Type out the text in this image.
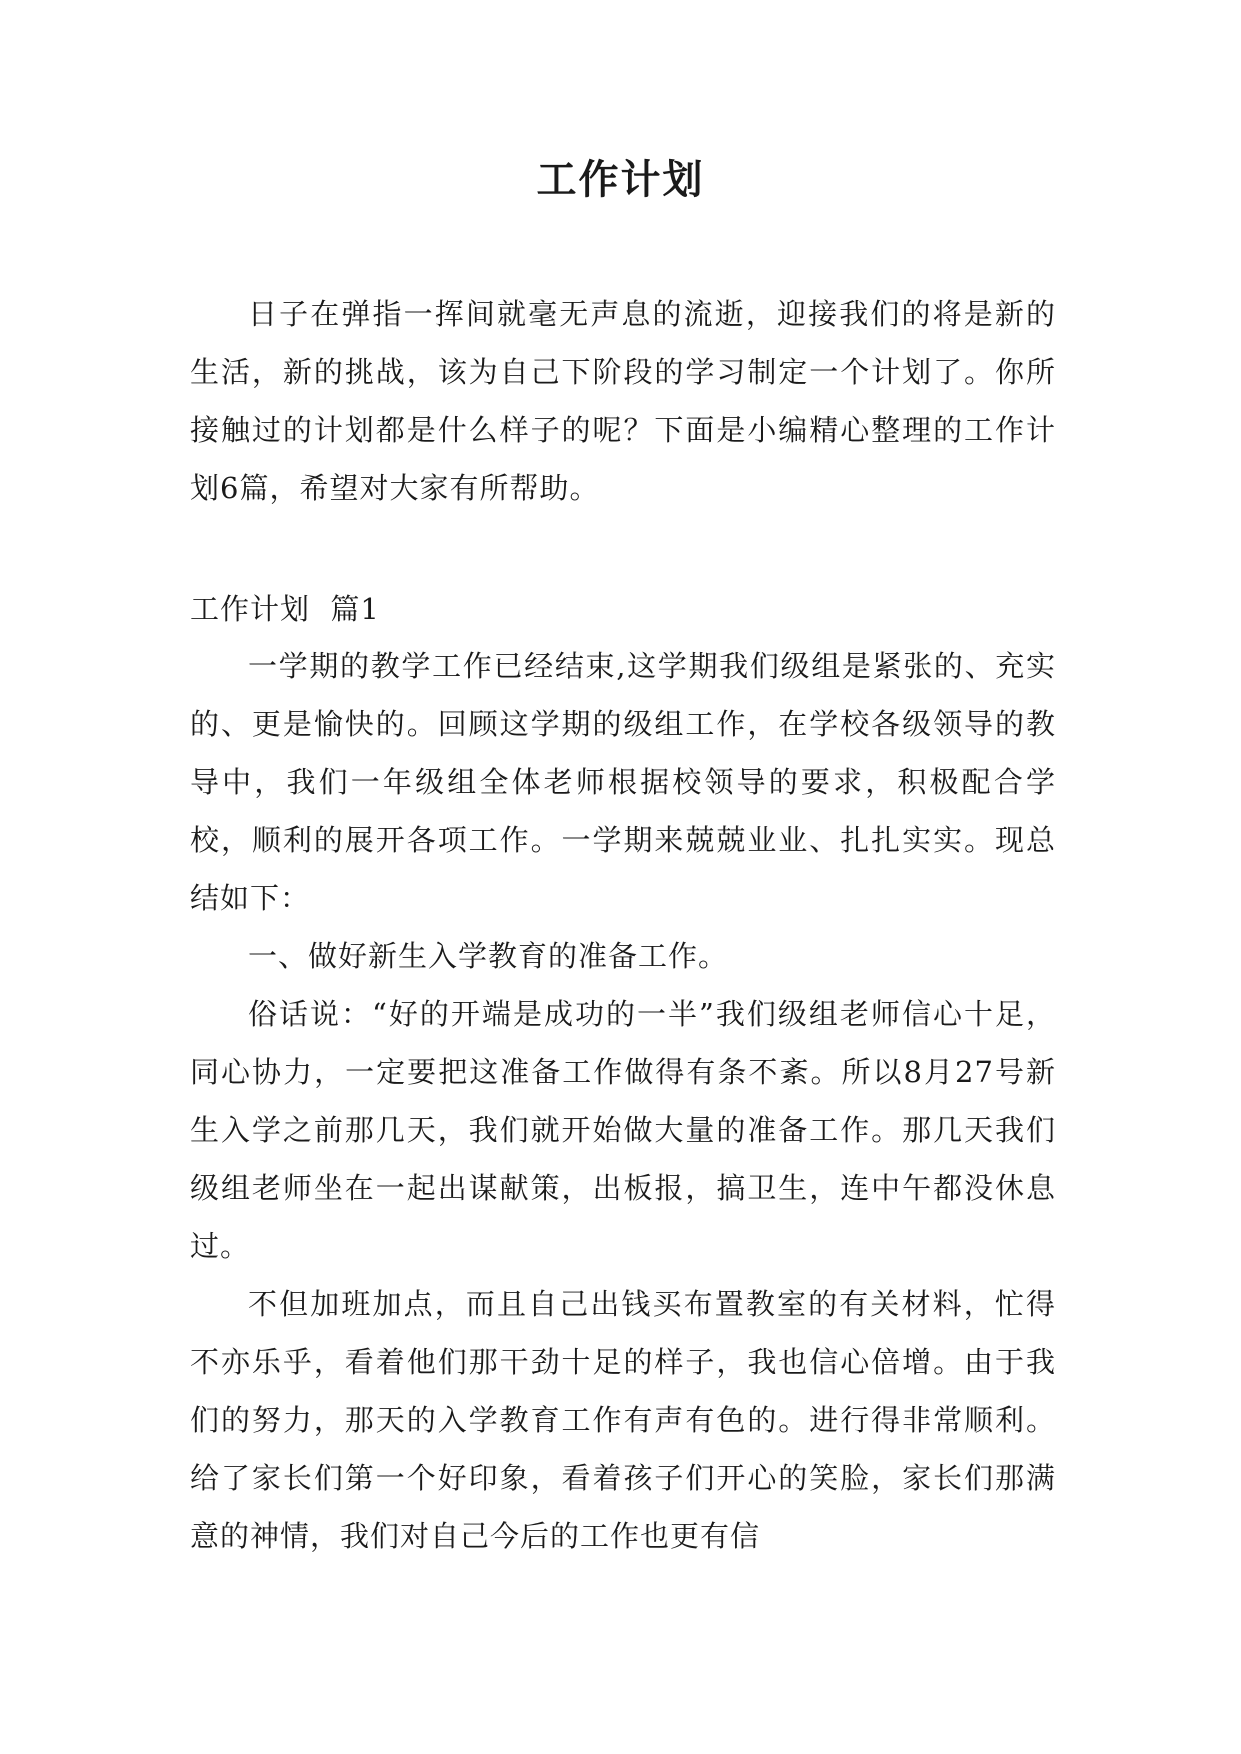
工作计划

日子在弹指一挥间就毫无声息的流逝，迎接我们的将是新的生活，新的挑战，该为自己下阶段的学习制定一个计划了。你所接触过的计划都是什么样子的呢？下面是小编精心整理的工作计划6篇，希望对大家有所帮助。

工作计划  篇1

一学期的教学工作已经结束,这学期我们级组是紧张的、充实的、更是愉快的。回顾这学期的级组工作，在学校各级领导的教导中，我们一年级组全体老师根据校领导的要求，积极配合学校，顺利的展开各项工作。一学期来兢兢业业、扎扎实实。现总结如下：

一、做好新生入学教育的准备工作。

俗话说：“好的开端是成功的一半”我们级组老师信心十足，同心协力，一定要把这准备工作做得有条不紊。所以8月27号新生入学之前那几天，我们就开始做大量的准备工作。那几天我们级组老师坐在一起出谋献策，出板报，搞卫生，连中午都没休息过。

不但加班加点，而且自己出钱买布置教室的有关材料，忙得不亦乐乎，看着他们那干劲十足的样子，我也信心倍增。由于我们的努力，那天的入学教育工作有声有色的。进行得非常顺利。给了家长们第一个好印象，看着孩子们开心的笑脸，家长们那满意的神情，我们对自己今后的工作也更有信
